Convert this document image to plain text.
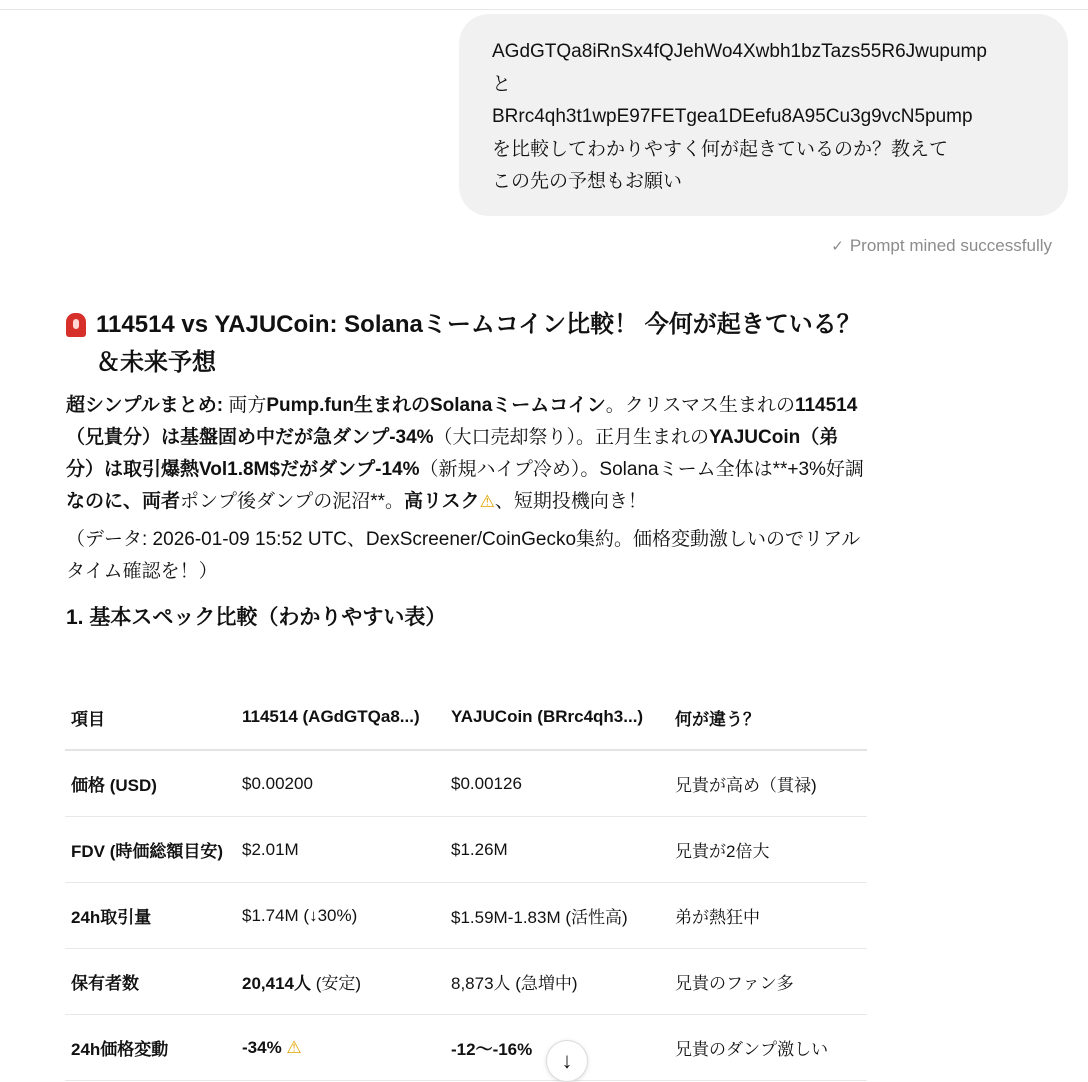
AGdGTQa8iRnSx4fQJehWo4Xwbh1bzTazs55R6Jwupump
と
BRrc4qh3t1wpE97FETgea1DEefu8A95Cu3g9vcN5pump
を比較してわかりやすく何が起きているのか？教えて
この先の予想もお願い
✓ Prompt mined successfully
114514 vs YAJUCoin: Solanaミームコイン比較！ 今何が起きている？＆未来予想

超シンプルまとめ: 両方Pump.fun生まれのSolanaミームコイン。クリスマス生まれの114514（兄貴分）は基盤固め中だが急ダンプ-34%（大口売却祭り）。正月生まれのYAJUCoin（弟分）は取引爆熱Vol1.8M$だがダンプ-14%（新規ハイプ冷め）。Solanaミーム全体は**+3%好調なのに、両者ポンプ後ダンプの泥沼**。高リスク⚠、短期投機向き！

（データ: 2026-01-09 15:52 UTC、DexScreener/CoinGecko集約。価格変動激しいのでリアルタイム確認を！）

1. 基本スペック比較（わかりやすい表）
項目	114514 (AGdGTQa8...)	YAJUCoin (BRrc4qh3...)	何が違う？
価格 (USD)	$0.00200	$0.00126	兄貴が高め（貫禄)
FDV (時価総額目安)	$2.01M	$1.26M	兄貴が2倍大
24h取引量	$1.74M (↓30%)	$1.59M-1.83M (活性高)	弟が熱狂中
保有者数	20,414人 (安定)	8,873人 (急増中)	兄貴のファン多
24h価格変動	-34% ⚠	-12～-16%	兄貴のダンプ激しい
↓
